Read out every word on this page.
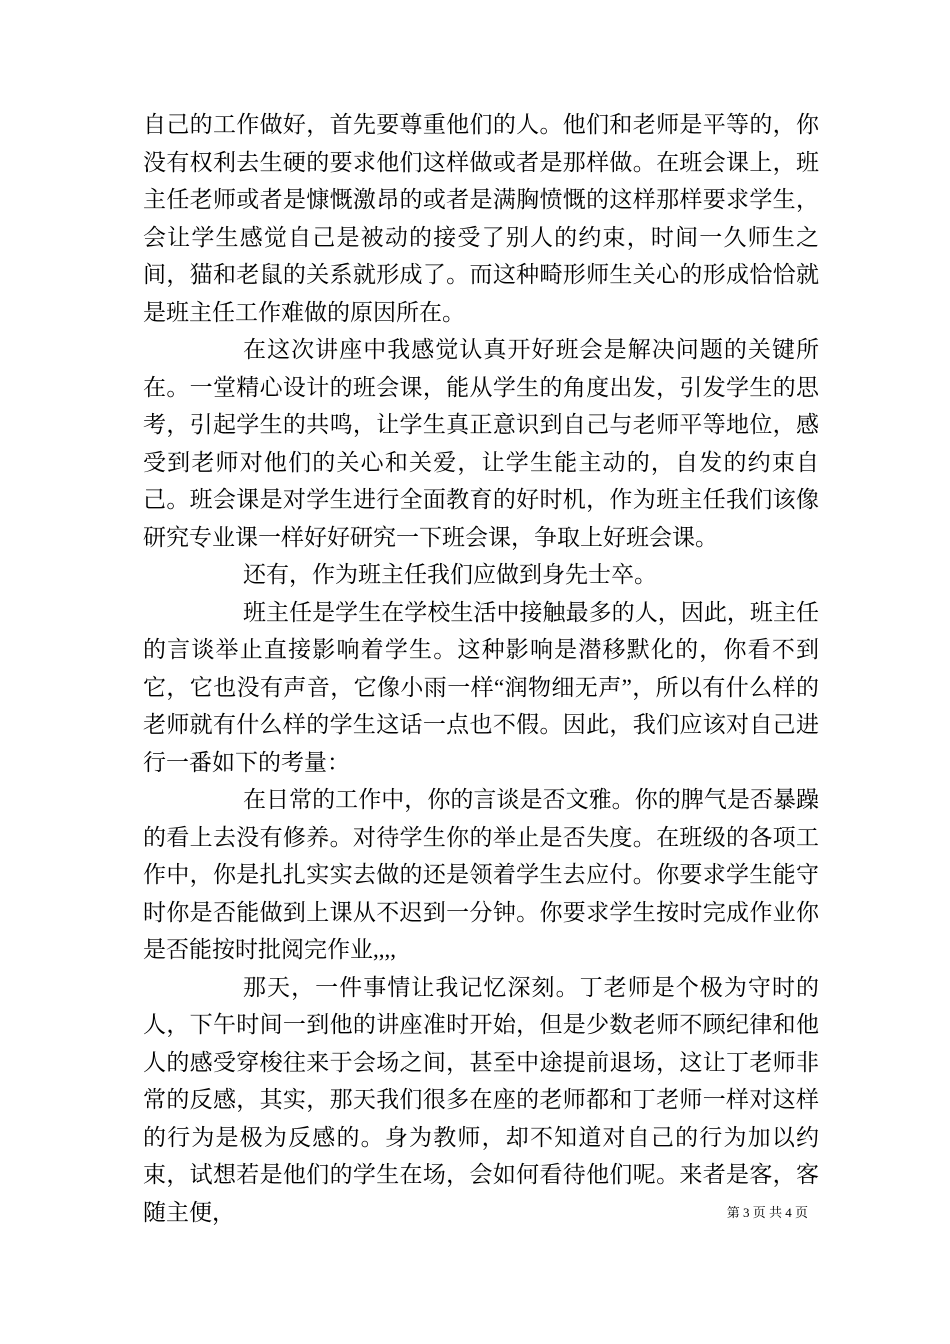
自己的工作做好，首先要尊重他们的人。他们和老师是平等的，你没有权利去生硬的要求他们这样做或者是那样做。在班会课上，班主任老师或者是慷慨激昂的或者是满胸愤慨的这样那样要求学生，会让学生感觉自己是被动的接受了别人的约束，时间一久师生之间，猫和老鼠的关系就形成了。而这种畸形师生关心的形成恰恰就是班主任工作难做的原因所在。

在这次讲座中我感觉认真开好班会是解决问题的关键所在。一堂精心设计的班会课，能从学生的角度出发，引发学生的思考，引起学生的共鸣，让学生真正意识到自己与老师平等地位，感受到老师对他们的关心和关爱，让学生能主动的，自发的约束自己。班会课是对学生进行全面教育的好时机，作为班主任我们该像研究专业课一样好好研究一下班会课，争取上好班会课。

还有，作为班主任我们应做到身先士卒。

班主任是学生在学校生活中接触最多的人，因此，班主任的言谈举止直接影响着学生。这种影响是潜移默化的，你看不到它，它也没有声音，它像小雨一样“润物细无声”，所以有什么样的老师就有什么样的学生这话一点也不假。因此，我们应该对自己进行一番如下的考量：

在日常的工作中，你的言谈是否文雅。你的脾气是否暴躁的看上去没有修养。对待学生你的举止是否失度。在班级的各项工作中，你是扎扎实实去做的还是领着学生去应付。你要求学生能守时你是否能做到上课从不迟到一分钟。你要求学生按时完成作业你是否能按时批阅完作业,,,,

那天，一件事情让我记忆深刻。丁老师是个极为守时的人，下午时间一到他的讲座准时开始，但是少数老师不顾纪律和他人的感受穿梭往来于会场之间，甚至中途提前退场，这让丁老师非常的反感，其实，那天我们很多在座的老师都和丁老师一样对这样的行为是极为反感的。身为教师，却不知道对自己的行为加以约束，试想若是他们的学生在场，会如何看待他们呢。来者是客，客随主便，	第 3 页 共 4 页
